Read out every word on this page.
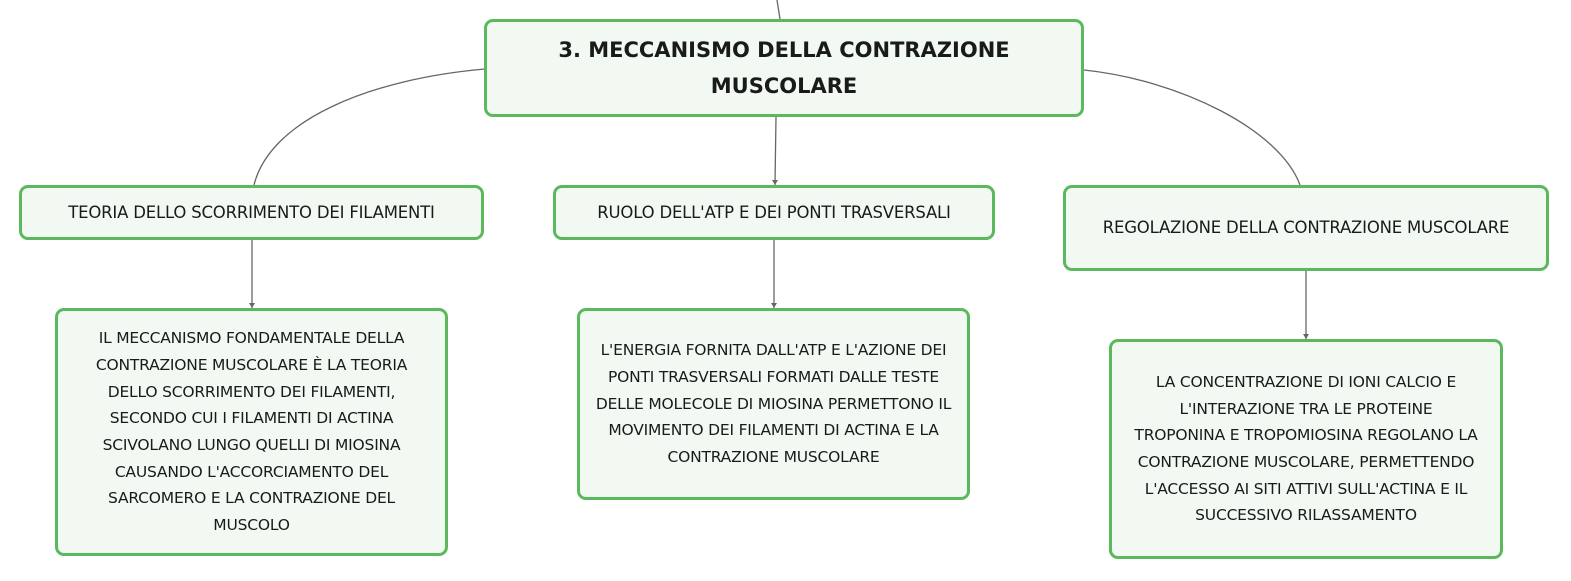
3. MECCANISMO DELLA CONTRAZIONE MUSCOLARE
TEORIA DELLO SCORRIMENTO DEI FILAMENTI	RUOLO DELL'ATP E DEI PONTI TRASVERSALI
REGOLAZIONE DELLA CONTRAZIONE MUSCOLARE
IL MECCANISMO FONDAMENTALE DELLA CONTRAZIONE MUSCOLARE È LA TEORIA DELLO SCORRIMENTO DEI FILAMENTI, SECONDO CUI I FILAMENTI DI ACTINA SCIVOLANO LUNGO QUELLI DI MIOSINA CAUSANDO L'ACCORCIAMENTO DEL SARCOMERO E LA CONTRAZIONE DEL MUSCOLO
L'ENERGIA FORNITA DALL'ATP E L'AZIONE DEI PONTI TRASVERSALI FORMATI DALLE TESTE DELLE MOLECOLE DI MIOSINA PERMETTONO IL MOVIMENTO DEI FILAMENTI DI ACTINA E LA CONTRAZIONE MUSCOLARE
LA CONCENTRAZIONE DI IONI CALCIO E L'INTERAZIONE TRA LE PROTEINE TROPONINA E TROPOMIOSINA REGOLANO LA CONTRAZIONE MUSCOLARE, PERMETTENDO L'ACCESSO AI SITI ATTIVI SULL'ACTINA E IL SUCCESSIVO RILASSAMENTO
